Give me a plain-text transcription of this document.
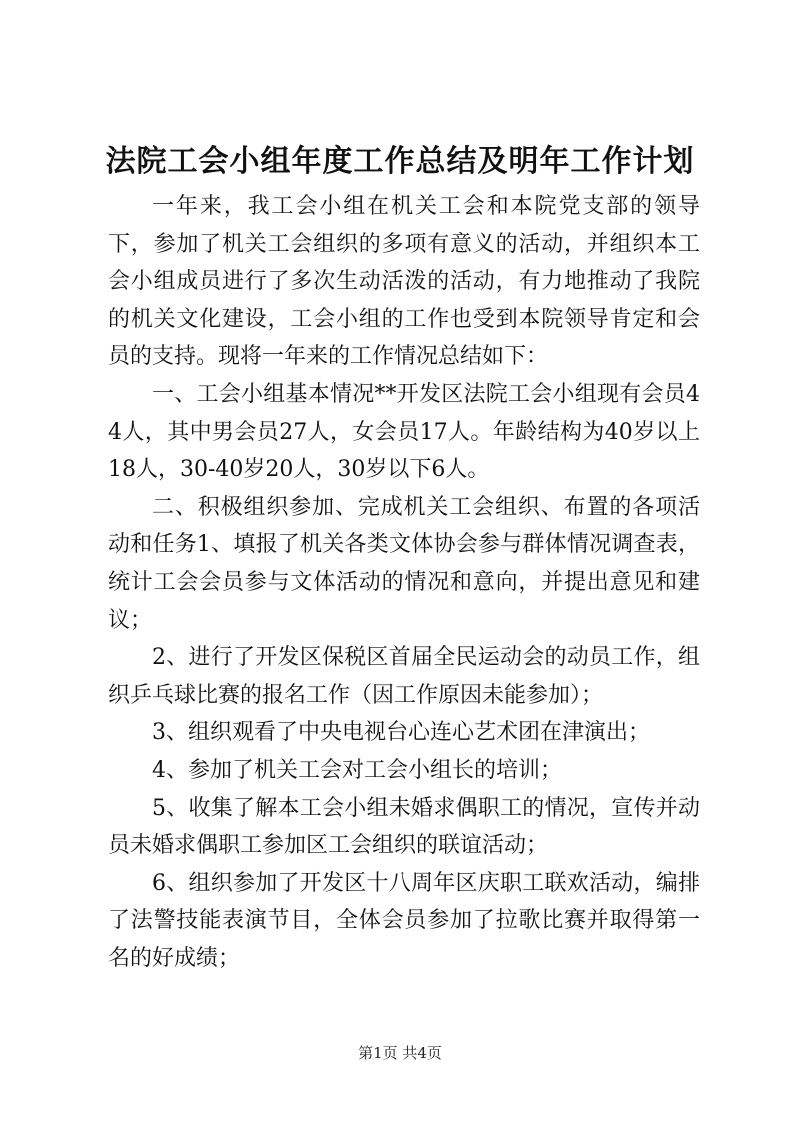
法院工会小组年度工作总结及明年工作计划

一年来，我工会小组在机关工会和本院党支部的领导下，参加了机关工会组织的多项有意义的活动，并组织本工会小组成员进行了多次生动活泼的活动，有力地推动了我院的机关文化建设，工会小组的工作也受到本院领导肯定和会员的支持。现将一年来的工作情况总结如下：

一、工会小组基本情况**开发区法院工会小组现有会员44人，其中男会员27人，女会员17人。年龄结构为40岁以上18人，30-40岁20人，30岁以下6人。

二、积极组织参加、完成机关工会组织、布置的各项活动和任务1、填报了机关各类文体协会参与群体情况调查表，统计工会会员参与文体活动的情况和意向，并提出意见和建议；

2、进行了开发区保税区首届全民运动会的动员工作，组织乒乓球比赛的报名工作（因工作原因未能参加）；

3、组织观看了中央电视台心连心艺术团在津演出；

4、参加了机关工会对工会小组长的培训；

5、收集了解本工会小组未婚求偶职工的情况，宣传并动员未婚求偶职工参加区工会组织的联谊活动；

6、组织参加了开发区十八周年区庆职工联欢活动，编排了法警技能表演节目，全体会员参加了拉歌比赛并取得第一名的好成绩；

第1页 共4页
